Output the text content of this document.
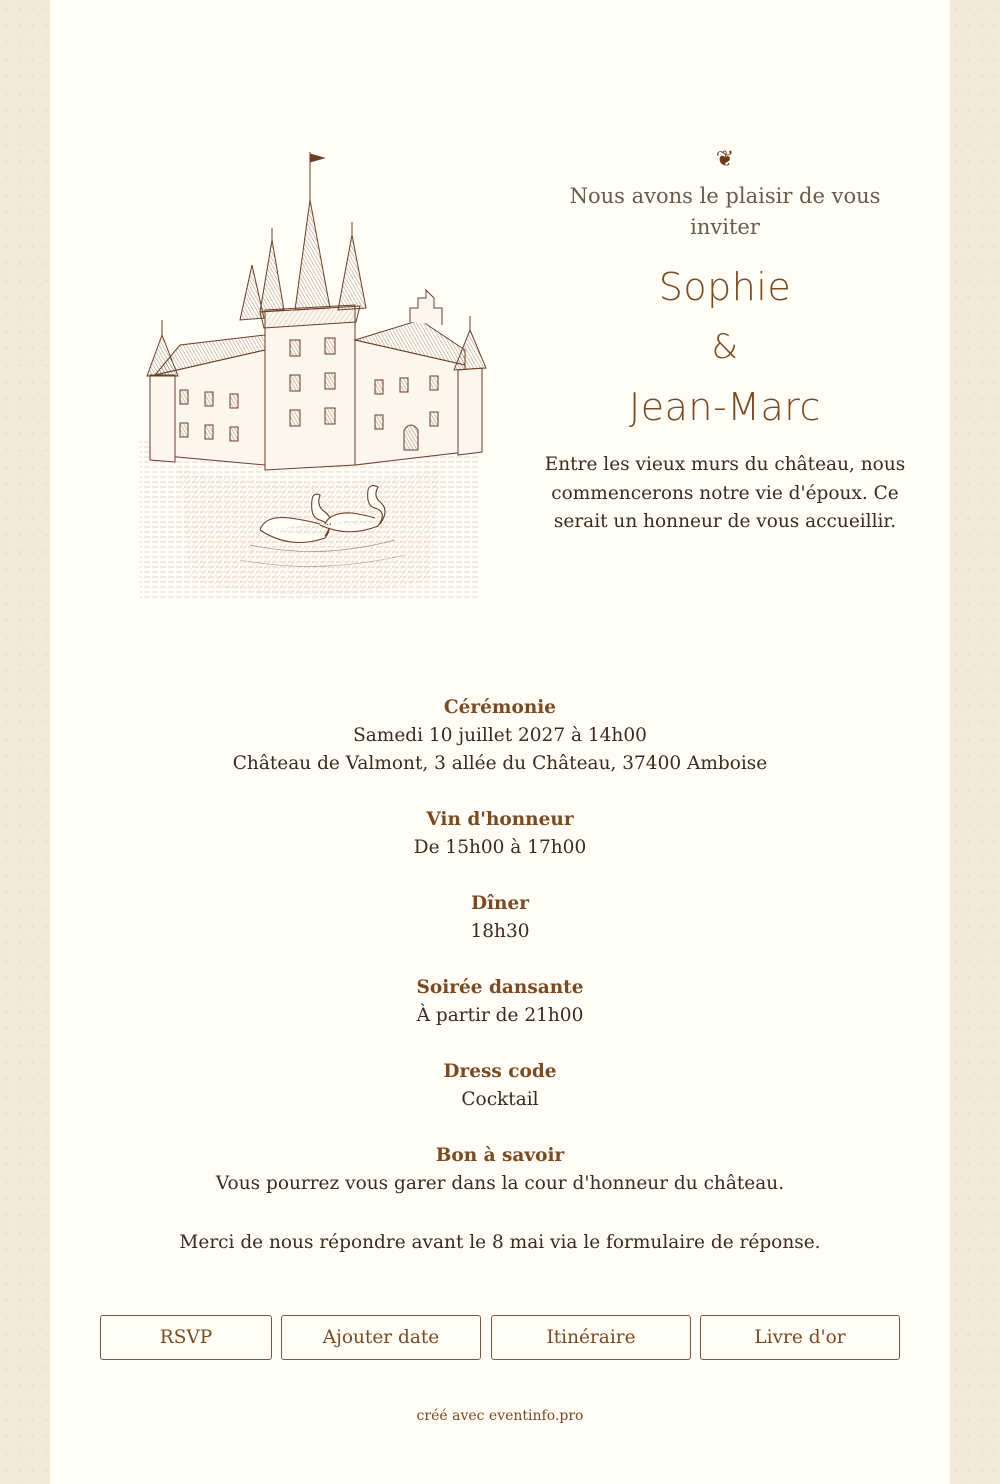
❦
Nous avons le plaisir de vous inviter
Sophie
&
Jean-Marc
Entre les vieux murs du château, nous commencerons notre vie d'époux. Ce serait un honneur de vous accueillir.
Cérémonie
Samedi 10 juillet 2027 à 14h00
Château de Valmont, 3 allée du Château, 37400 Amboise
Vin d'honneur
De 15h00 à 17h00
Dîner
18h30
Soirée dansante
À partir de 21h00
Dress code
Cocktail
Bon à savoir
Vous pourrez vous garer dans la cour d'honneur du château.
Merci de nous répondre avant le 8 mai via le formulaire de réponse.
RSVP	Ajouter date	Itinéraire	Livre d'or
créé avec eventinfo.pro
